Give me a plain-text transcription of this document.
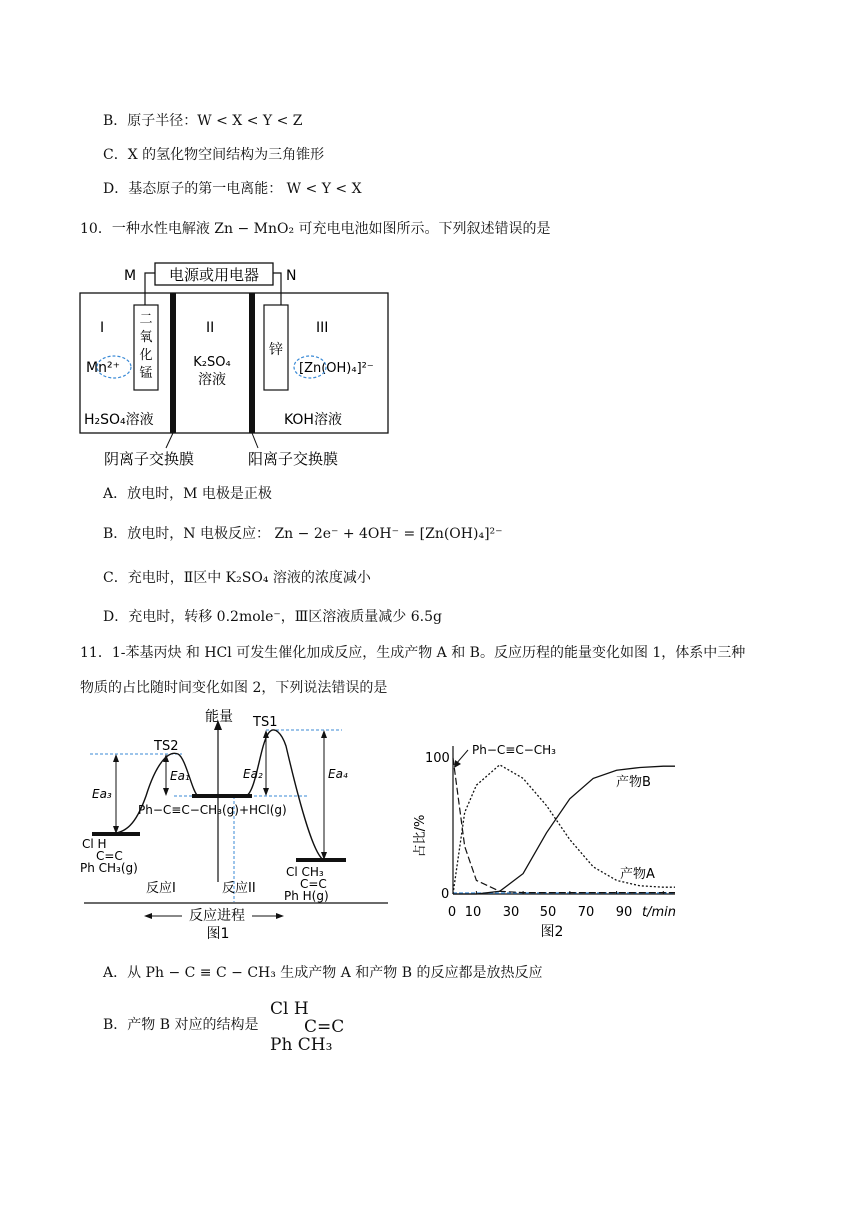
B．原子半径：W < X < Y < Z
C．X 的氢化物空间结构为三角锥形
D．基态原子的第一电离能： W < Y < X
10．一种水性电解液 Zn − MnO₂ 可充电电池如图所示。下列叙述错误的是
电源或用电器
M	N
二
氧
化
锰
锌
I	II	III
Mn²⁺	[Zn(OH)₄]²⁻
K₂SO₄
溶液
H₂SO₄溶液	KOH溶液
阴离子交换膜	阳离子交换膜
A．放电时，M 电极是正极
B．放电时，N 电极反应： Zn − 2e⁻ + 4OH⁻ = [Zn(OH)₄]²⁻
C．充电时，Ⅱ区中 K₂SO₄ 溶液的浓度减小
D．充电时，转移 0.2mole⁻，Ⅲ区溶液质量减少 6.5g
11．1-苯基丙炔 和 HCl 可发生催化加成反应，生成产物 A 和 B。反应历程的能量变化如图 1，体系中三种
物质的占比随时间变化如图 2，下列说法错误的是
能量
Ea₃
Ea₁	Ea₂	Ea₄
TS1
TS2
Ph−C≡C−CH₃(g)+HCl(g)
Cl H
C=C
Ph CH₃(g)	Cl CH₃
C=C
Ph H(g)
反应I	反应II
反应进程
图1
占比/%
Ph−C≡C−CH₃
产物B
产物A
100
0
0 10 30 50 70 90 t/min
图2
A．从 Ph − C ≡ C − CH₃ 生成产物 A 和产物 B 的反应都是放热反应
B．产物 B 对应的结构是
Cl H
C=C
Ph CH₃
